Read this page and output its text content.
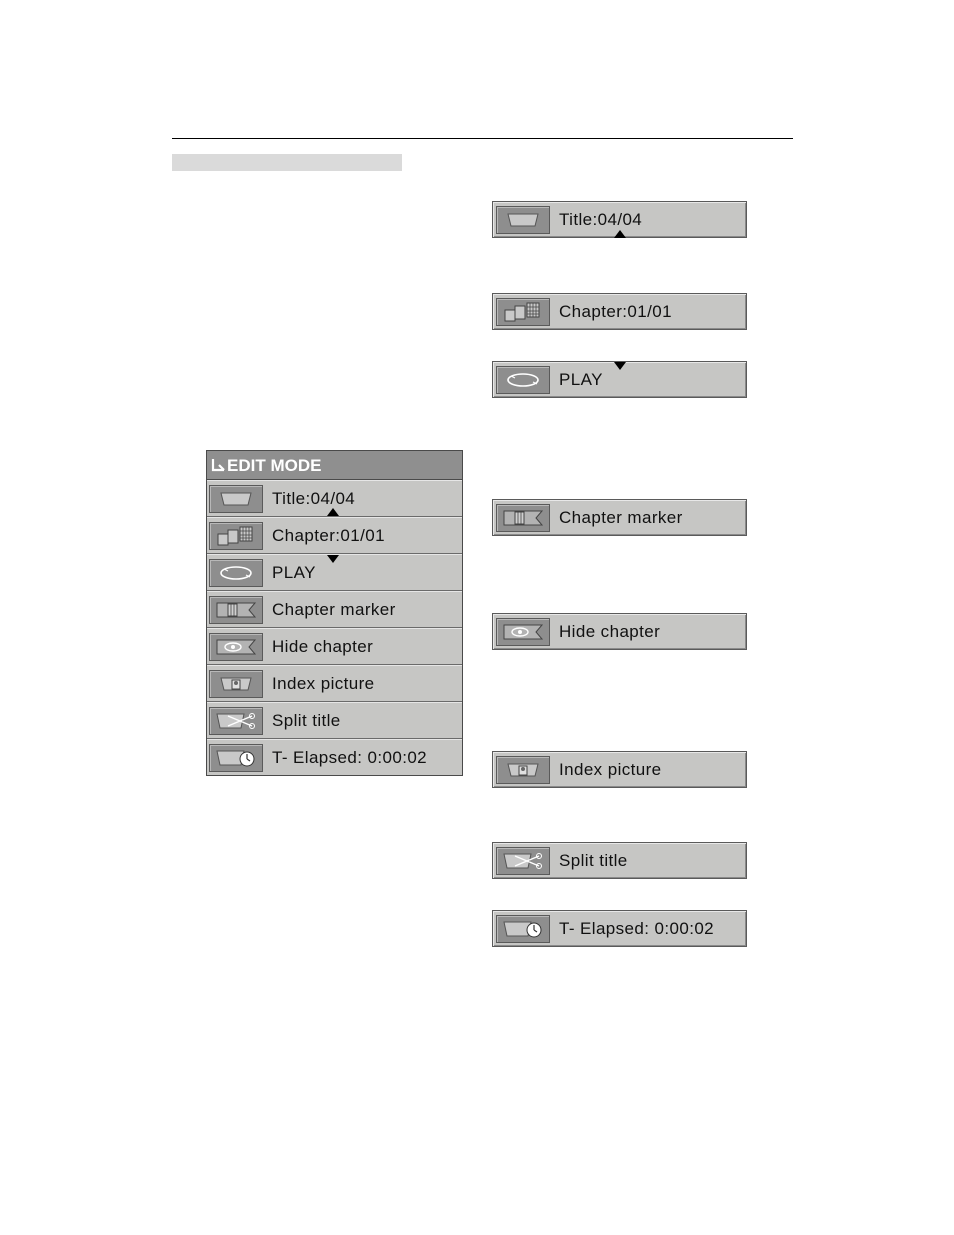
EDIT MODE
Title:04/04
Chapter:01/01
PLAY
Chapter marker
Hide chapter
Index picture
Split title
T- Elapsed: 0:00:02
Title:04/04
Chapter:01/01
PLAY
Chapter marker
Hide chapter
Index picture
Split title
T- Elapsed: 0:00:02
